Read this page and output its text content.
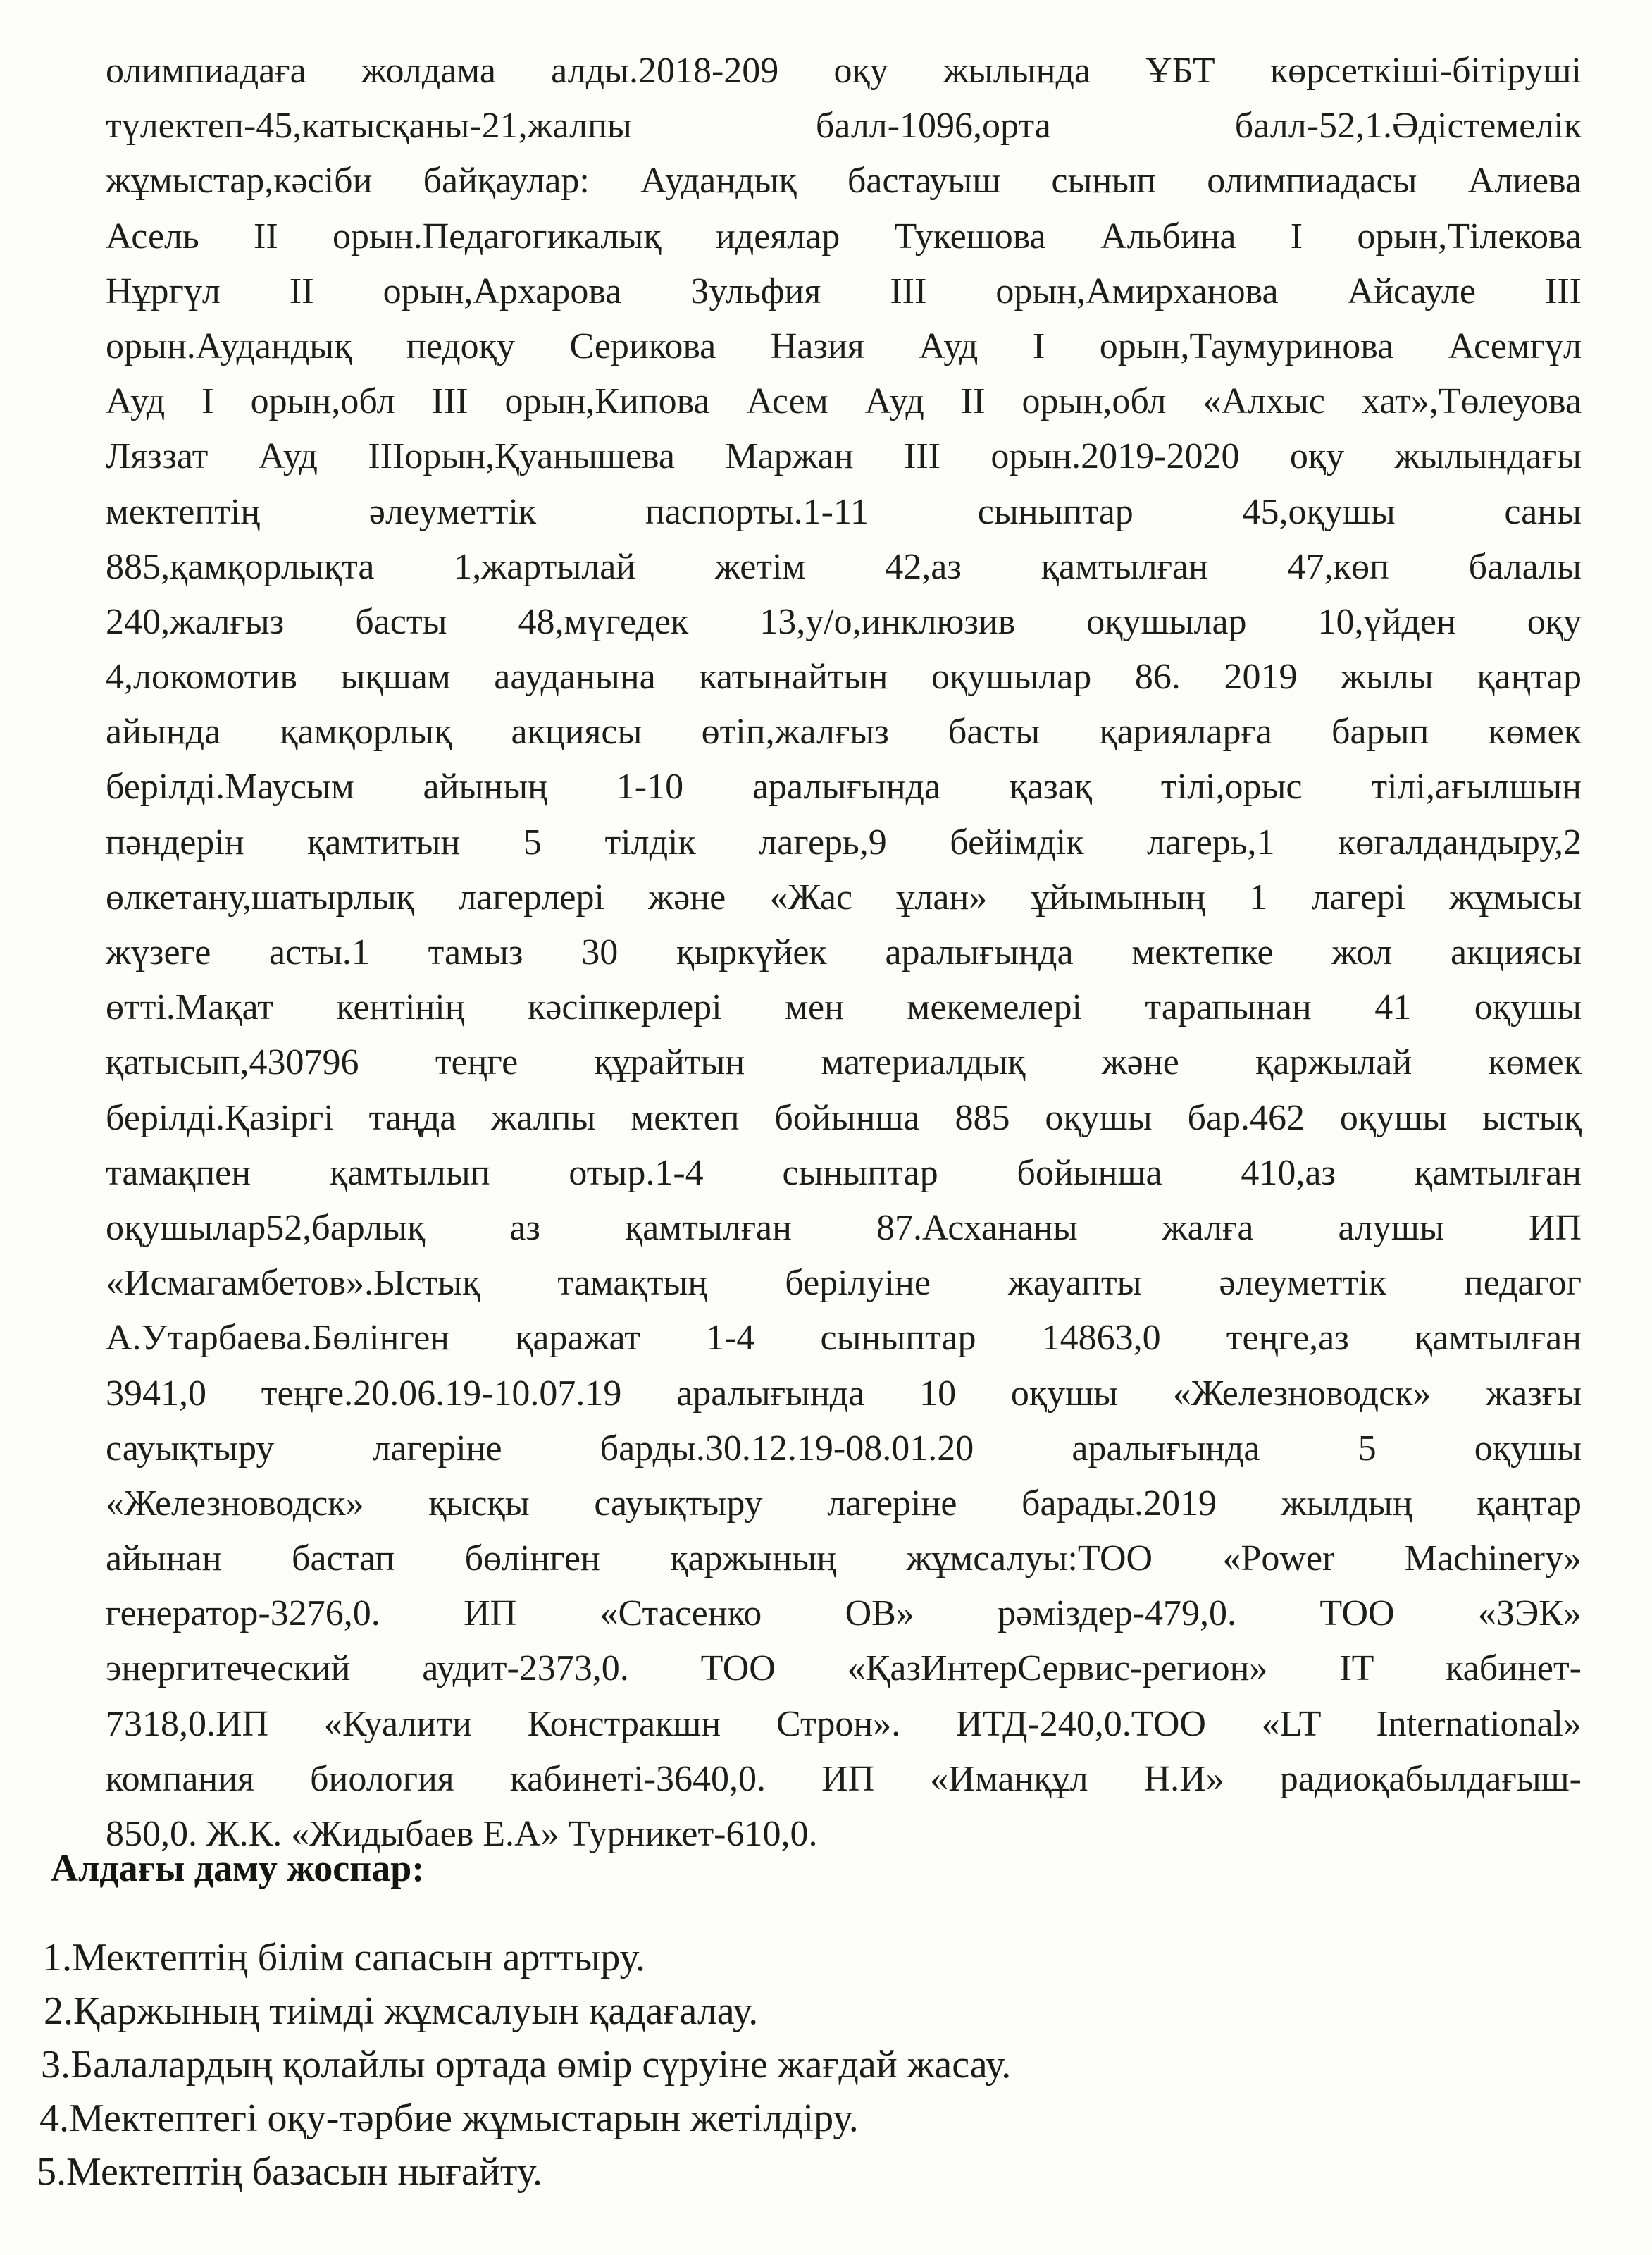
олимпиадаға жолдама алды.2018-209 оқу жылында ҰБТ көрсеткіші-бітіруші
түлектеп-45,катысқаны-21,жалпы балл-1096,орта балл-52,1.Әдістемелік
жұмыстар,кәсіби байқаулар: Аудандық бастауыш сынып олимпиадасы Алиева
Асель ІІ орын.Педагогикалық идеялар Тукешова Альбина І орын,Тілекова
Нұргүл ІІ орын,Архарова Зульфия ІІІ орын,Амирханова Айсауле ІІІ
орын.Аудандық педоқу Серикова Назия Ауд І орын,Таумуринова Асемгүл
Ауд І орын,обл ІІІ орын,Кипова Асем Ауд ІІ орын,обл «Алхыс хат»,Төлеуова
Ляззат Ауд ІІІорын,Қуанышева Маржан ІІІ орын.2019-2020 оқу жылындағы
мектептің әлеуметтік паспорты.1-11 сыныптар 45,оқушы саны
885,қамқорлықта 1,жартылай жетім 42,аз қамтылған 47,көп балалы
240,жалғыз басты 48,мүгедек 13,у/о,инклюзив оқушылар 10,үйден оқу
4,локомотив ықшам аауданына катынайтын оқушылар 86. 2019 жылы қаңтар
айында қамқорлық акциясы өтіп,жалғыз басты қарияларға барып көмек
берілді.Маусым айының 1-10 аралығында қазақ тілі,орыс тілі,ағылшын
пәндерін қамтитын 5 тілдік лагерь,9 бейімдік лагерь,1 көгалдандыру,2
өлкетану,шатырлық лагерлері және «Жас ұлан» ұйымының 1 лагері жұмысы
жүзеге асты.1 тамыз 30 қыркүйек аралығында мектепке жол акциясы
өтті.Мақат кентінің кәсіпкерлері мен мекемелері тарапынан 41 оқушы
қатысып,430796 теңге құрайтын материалдық және қаржылай көмек
берілді.Қазіргі таңда жалпы мектеп бойынша 885 оқушы бар.462 оқушы ыстық
тамақпен қамтылып отыр.1-4 сыныптар бойынша 410,аз қамтылған
оқушылар52,барлық аз қамтылған 87.Асхананы жалға алушы ИП
«Исмагамбетов».Ыстық тамақтың берілуіне жауапты әлеуметтік педагог
А.Утарбаева.Бөлінген қаражат 1-4 сыныптар 14863,0 теңге,аз қамтылған
3941,0 теңге.20.06.19-10.07.19 аралығында 10 оқушы «Железноводск» жазғы
сауықтыру лагеріне барды.30.12.19-08.01.20 аралығында 5 оқушы
«Железноводск» қысқы сауықтыру лагеріне барады.2019 жылдың қаңтар
айынан бастап бөлінген қаржының жұмсалуы:ТОО «Power Machinery»
генератор-3276,0. ИП «Стасенко ОВ» рәміздер-479,0. ТОО «ЗЭК»
энергитеческий аудит-2373,0. ТОО «ҚазИнтерСервис-регион» ІТ кабинет-
7318,0.ИП «Куалити Констракшн Строн». ИТД-240,0.ТОО «LT International»
компания биология кабинеті-3640,0. ИП «Иманқұл Н.И» радиоқабылдағыш-
850,0. Ж.К. «Жидыбаев Е.А» Турникет-610,0.
Алдағы даму жоспар:
1.Мектептің білім сапасын арттыру.
2.Қаржының тиімді жұмсалуын қадағалау.
3.Балалардың қолайлы ортада өмір сүруіне жағдай жасау.
4.Мектептегі оқу-тәрбие жұмыстарын жетілдіру.
5.Мектептің базасын нығайту.
